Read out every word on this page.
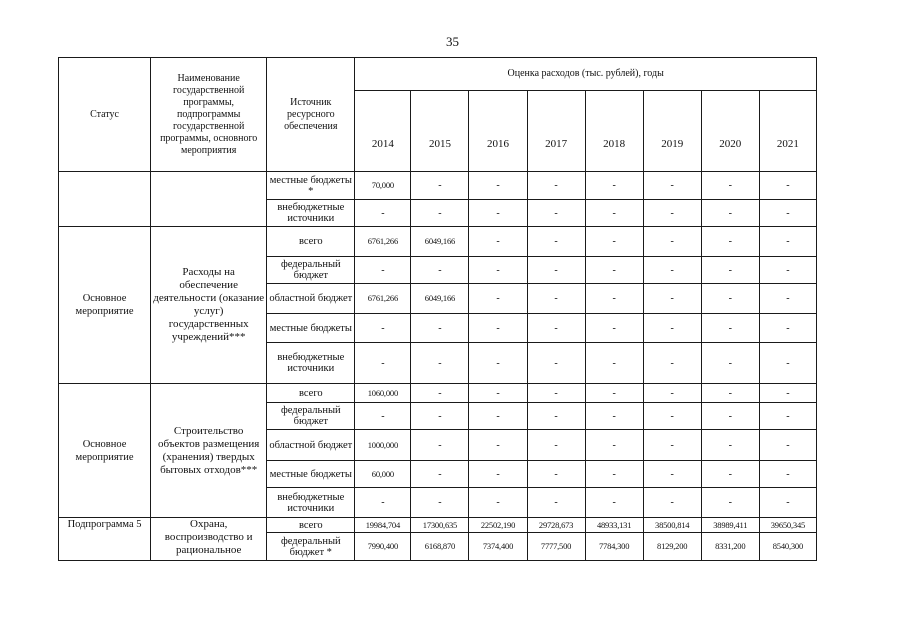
35
Статус	Наименование государственной программы, подпрограммы государственной программы, основного мероприятия	Источник ресурсного обеспечения	Оценка расходов (тыс. рублей), годы							
			2014	2015	2016	2017	2018	2019	2020	2021
		местные бюджеты *	70,000	-	-	-	-	-	-	-
		внебюджетные источники	-	-	-	-	-	-	-	-
Основное мероприятие	Расходы на обеспечение деятельности (оказание услуг) государственных учреждений***	всего	6761,266	6049,166	-	-	-	-	-	-
		федеральный бюджет	-	-	-	-	-	-	-	-
		областной бюджет	6761,266	6049,166	-	-	-	-	-	-
		местные бюджеты	-	-	-	-	-	-	-	-
		внебюджетные источники	-	-	-	-	-	-	-	-
Основное мероприятие	Строительство объектов размещения (хранения) твердых бытовых отходов***	всего	1060,000	-	-	-	-	-	-	-
		федеральный бюджет	-	-	-	-	-	-	-	-
		областной бюджет	1000,000	-	-	-	-	-	-	-
		местные бюджеты	60,000	-	-	-	-	-	-	-
		внебюджетные источники	-	-	-	-	-	-	-	-
Подпрограмма 5	Охрана, воспроизводство и рациональное	всего	19984,704	17300,635	22502,190	29728,673	48933,131	38500,814	38989,411	39650,345
		федеральный бюджет *	7990,400	6168,870	7374,400	7777,500	7784,300	8129,200	8331,200	8540,300
